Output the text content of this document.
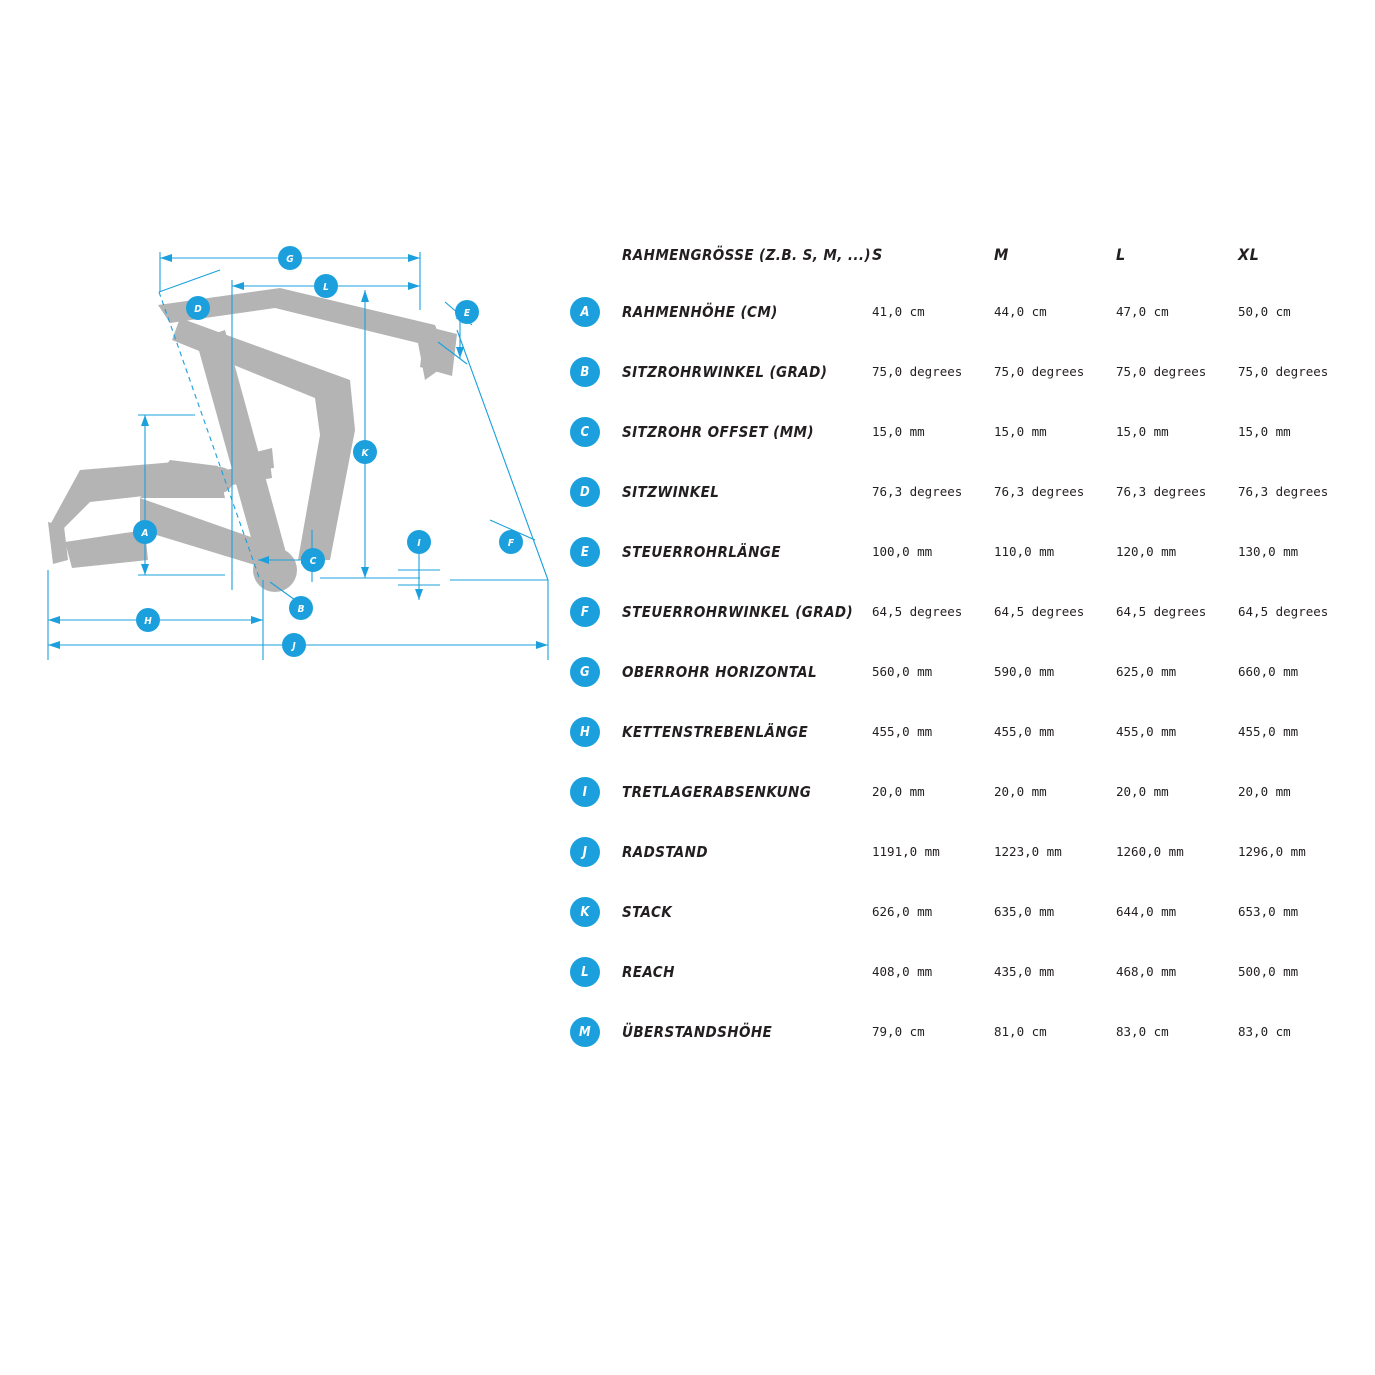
G
L
D	E
A
K
C
I	F
B
H
J
	RAHMENGRÖSSE (Z.B. S, M, ...)	S	M	L	XL

A	RAHMENHÖHE (CM)	41,0 cm	44,0 cm	47,0 cm	50,0 cm

B	SITZROHRWINKEL (GRAD)	75,0 degrees	75,0 degrees	75,0 degrees	75,0 degrees

C	SITZROHR OFFSET (MM)	15,0 mm	15,0 mm	15,0 mm	15,0 mm

D	SITZWINKEL	76,3 degrees	76,3 degrees	76,3 degrees	76,3 degrees

E	STEUERROHRLÄNGE	100,0 mm	110,0 mm	120,0 mm	130,0 mm

F	STEUERROHRWINKEL (GRAD)	64,5 degrees	64,5 degrees	64,5 degrees	64,5 degrees

G	OBERROHR HORIZONTAL	560,0 mm	590,0 mm	625,0 mm	660,0 mm

H	KETTENSTREBENLÄNGE	455,0 mm	455,0 mm	455,0 mm	455,0 mm

I	TRETLAGERABSENKUNG	20,0 mm	20,0 mm	20,0 mm	20,0 mm

J	RADSTAND	1191,0 mm	1223,0 mm	1260,0 mm	1296,0 mm

K	STACK	626,0 mm	635,0 mm	644,0 mm	653,0 mm

L	REACH	408,0 mm	435,0 mm	468,0 mm	500,0 mm

M	ÜBERSTANDSHÖHE	79,0 cm	81,0 cm	83,0 cm	83,0 cm
